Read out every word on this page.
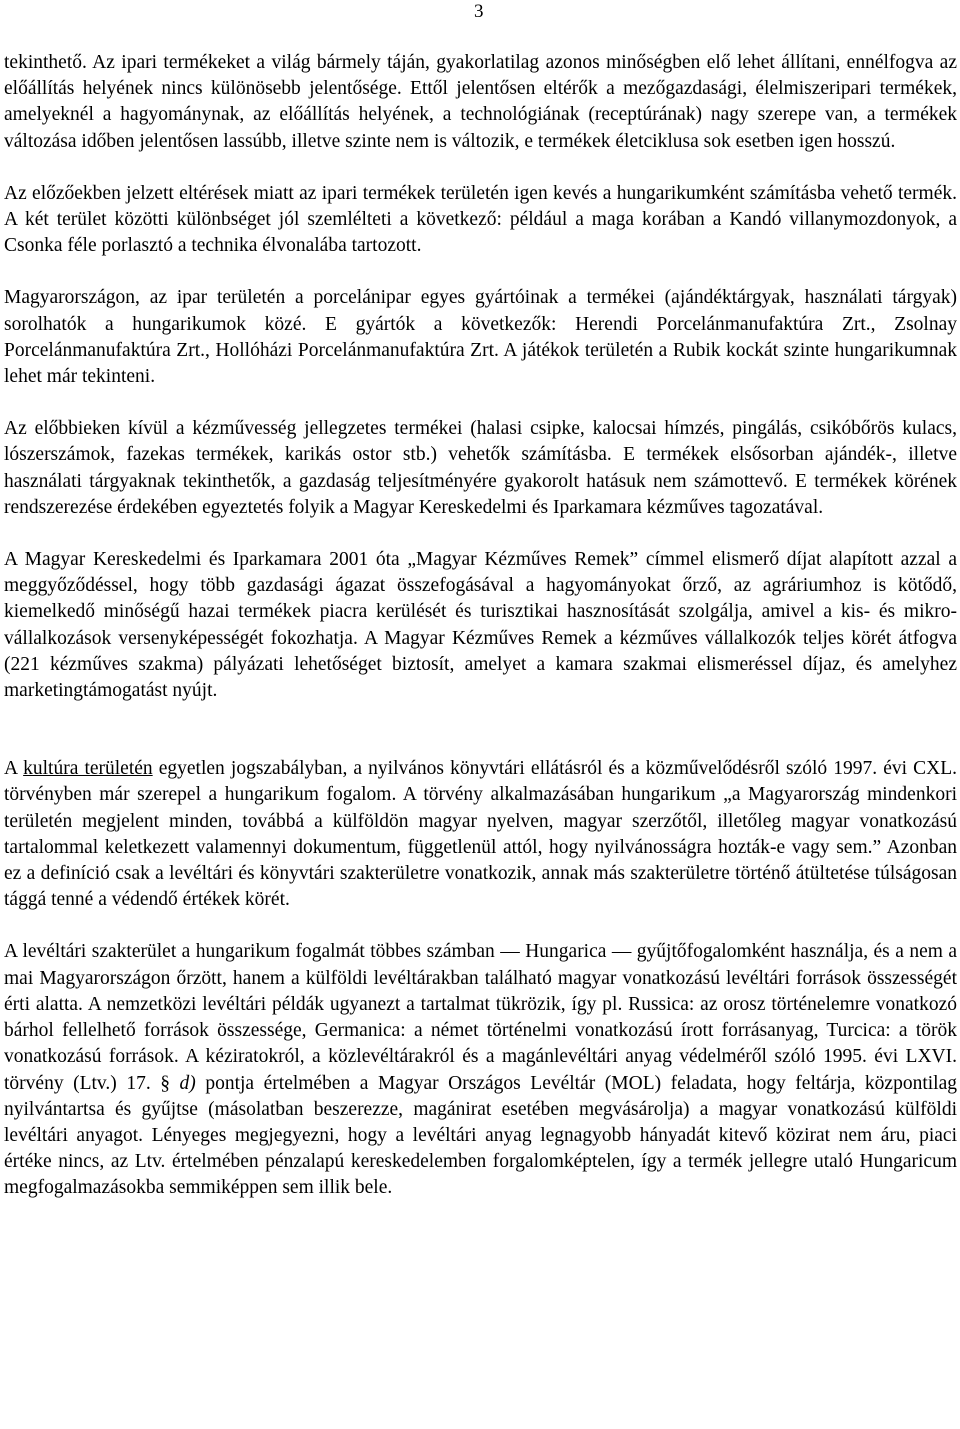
3

tekinthető. Az ipari termékeket a világ bármely táján, gyakorlatilag azonos minőségben elő lehet állítani, ennélfogva az előállítás helyének nincs különösebb jelentősége. Ettől jelentősen eltérők a mezőgazdasági, élelmiszeripari termékek, amelyeknél a hagyománynak, az előállítás helyének, a technológiának (receptúrának) nagy szerepe van, a termékek változása időben jelentősen lassúbb, illetve szinte nem is változik, e termékek életciklusa sok esetben igen hosszú.

Az előzőekben jelzett eltérések miatt az ipari termékek területén igen kevés a hungarikumként számításba vehető termék. A két terület közötti különbséget jól szemlélteti a következő: például a maga korában a Kandó villanymozdonyok, a Csonka féle porlasztó a technika élvonalába tartozott.

Magyarországon, az ipar területén a porcelánipar egyes gyártóinak a termékei (ajándéktárgyak, használati tárgyak) sorolhatók a hungarikumok közé. E gyártók a következők: Herendi Porcelánmanufaktúra Zrt., Zsolnay Porcelánmanufaktúra Zrt., Hollóházi Porcelánmanufaktúra Zrt. A játékok területén a Rubik kockát szinte hungarikumnak lehet már tekinteni.

Az előbbieken kívül a kézművesség jellegzetes termékei (halasi csipke, kalocsai hímzés, pingálás, csikóbőrös kulacs, lószerszámok, fazekas termékek, karikás ostor stb.) vehetők számításba. E termékek elsősorban ajándék-, illetve használati tárgyaknak tekinthetők, a gazdaság teljesítményére gyakorolt hatásuk nem számottevő. E termékek körének rendszerezése érdekében egyeztetés folyik a Magyar Kereskedelmi és Iparkamara kézműves tagozatával.

A Magyar Kereskedelmi és Iparkamara 2001 óta „Magyar Kézműves Remek” címmel elismerő díjat alapított azzal a meggyőződéssel, hogy több gazdasági ágazat összefogásával a hagyományokat őrző, az agráriumhoz is kötődő, kiemelkedő minőségű hazai termékek piacra kerülését és turisztikai hasznosítását szolgálja, amivel a kis- és mikro-vállalkozások versenyképességét fokozhatja. A Magyar Kézműves Remek a kézműves vállalkozók teljes körét átfogva (221 kézműves szakma) pályázati lehetőséget biztosít, amelyet a kamara szakmai elismeréssel díjaz, és amelyhez marketingtámogatást nyújt.

A kultúra területén egyetlen jogszabályban, a nyilvános könyvtári ellátásról és a közművelődésről szóló 1997. évi CXL. törvényben már szerepel a hungarikum fogalom. A törvény alkalmazásában hungarikum „a Magyarország mindenkori területén megjelent minden, továbbá a külföldön magyar nyelven, magyar szerzőtől, illetőleg magyar vonatkozású tartalommal keletkezett valamennyi dokumentum, függetlenül attól, hogy nyilvánosságra hozták-e vagy sem.” Azonban ez a definíció csak a levéltári és könyvtári szakterületre vonatkozik, annak más szakterületre történő átültetése túlságosan tággá tenné a védendő értékek körét.

A levéltári szakterület a hungarikum fogalmát többes számban — Hungarica — gyűjtőfogalomként használja, és a nem a mai Magyarországon őrzött, hanem a külföldi levéltárakban található magyar vonatkozású levéltári források összességét érti alatta. A nemzetközi levéltári példák ugyanezt a tartalmat tükrözik, így pl. Russica: az orosz történelemre vonatkozó bárhol fellelhető források összessége, Germanica: a német történelmi vonatkozású írott forrásanyag, Turcica: a török vonatkozású források. A kéziratokról, a közlevéltárakról és a magánlevéltári anyag védelméről szóló 1995. évi LXVI. törvény (Ltv.) 17. § d) pontja értelmében a Magyar Országos Levéltár (MOL) feladata, hogy feltárja, központilag nyilvántartsa és gyűjtse (másolatban beszerezze, magánirat esetében megvásárolja) a magyar vonatkozású külföldi levéltári anyagot. Lényeges megjegyezni, hogy a levéltári anyag legnagyobb hányadát kitevő közirat nem áru, piaci értéke nincs, az Ltv. értelmében pénzalapú kereskedelemben forgalomképtelen, így a termék jellegre utaló Hungaricum megfogalmazásokba semmiképpen sem illik bele.
